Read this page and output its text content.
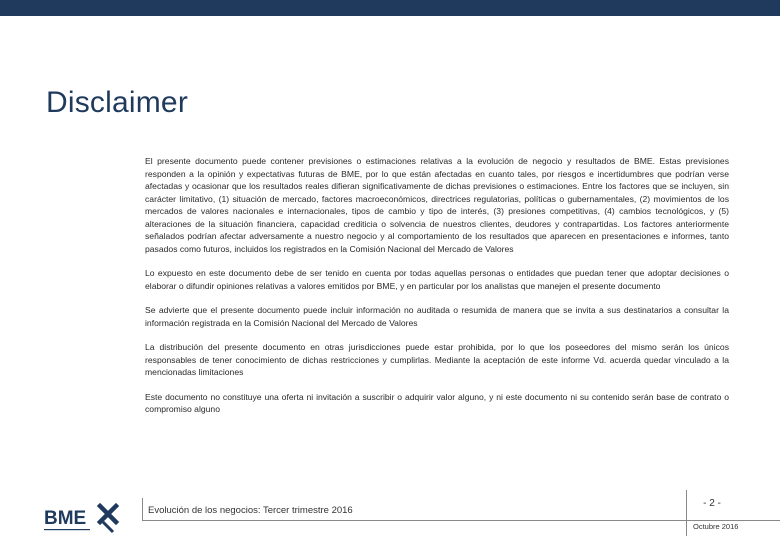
Disclaimer

El presente documento puede contener previsiones o estimaciones relativas a la evolución de negocio y resultados de BME. Estas previsiones responden a la opinión y expectativas futuras de BME, por lo que están afectadas en cuanto tales, por riesgos e incertidumbres que podrían verse afectadas y ocasionar que los resultados reales difieran significativamente de dichas previsiones o estimaciones. Entre los factores que se incluyen, sin carácter limitativo, (1) situación de mercado, factores macroeconómicos, directrices regulatorias, políticas o gubernamentales, (2) movimientos de los mercados de valores nacionales e internacionales, tipos de cambio y tipo de interés, (3) presiones competitivas, (4) cambios tecnológicos, y (5) alteraciones de la situación financiera, capacidad crediticia o solvencia de nuestros clientes, deudores y contrapartidas. Los factores anteriormente señalados podrían afectar adversamente a nuestro negocio y al comportamiento de los resultados que aparecen en presentaciones e informes, tanto pasados como futuros, incluidos los registrados en la Comisión Nacional del Mercado de Valores

Lo expuesto en este documento debe de ser tenido en cuenta por todas aquellas personas o entidades que puedan tener que adoptar decisiones o elaborar o difundir opiniones relativas a valores emitidos por BME, y en particular por los analistas que manejen el presente documento

Se advierte que el presente documento puede incluir información no auditada o resumida de manera que se invita a sus destinatarios a consultar la información registrada en la Comisión Nacional del Mercado de Valores

La distribución del presente documento en otras jurisdicciones puede estar prohibida, por lo que los poseedores del mismo serán los únicos responsables de tener conocimiento de dichas restricciones y cumplirlas. Mediante la aceptación de este informe Vd. acuerda quedar vinculado a la mencionadas limitaciones

Este documento no constituye una oferta ni invitación a suscribir o adquirir valor alguno, y ni este documento ni su contenido serán base de contrato o compromiso alguno

BME	Evolución de los negocios: Tercer trimestre 2016
- 2 -
Octubre 2016
